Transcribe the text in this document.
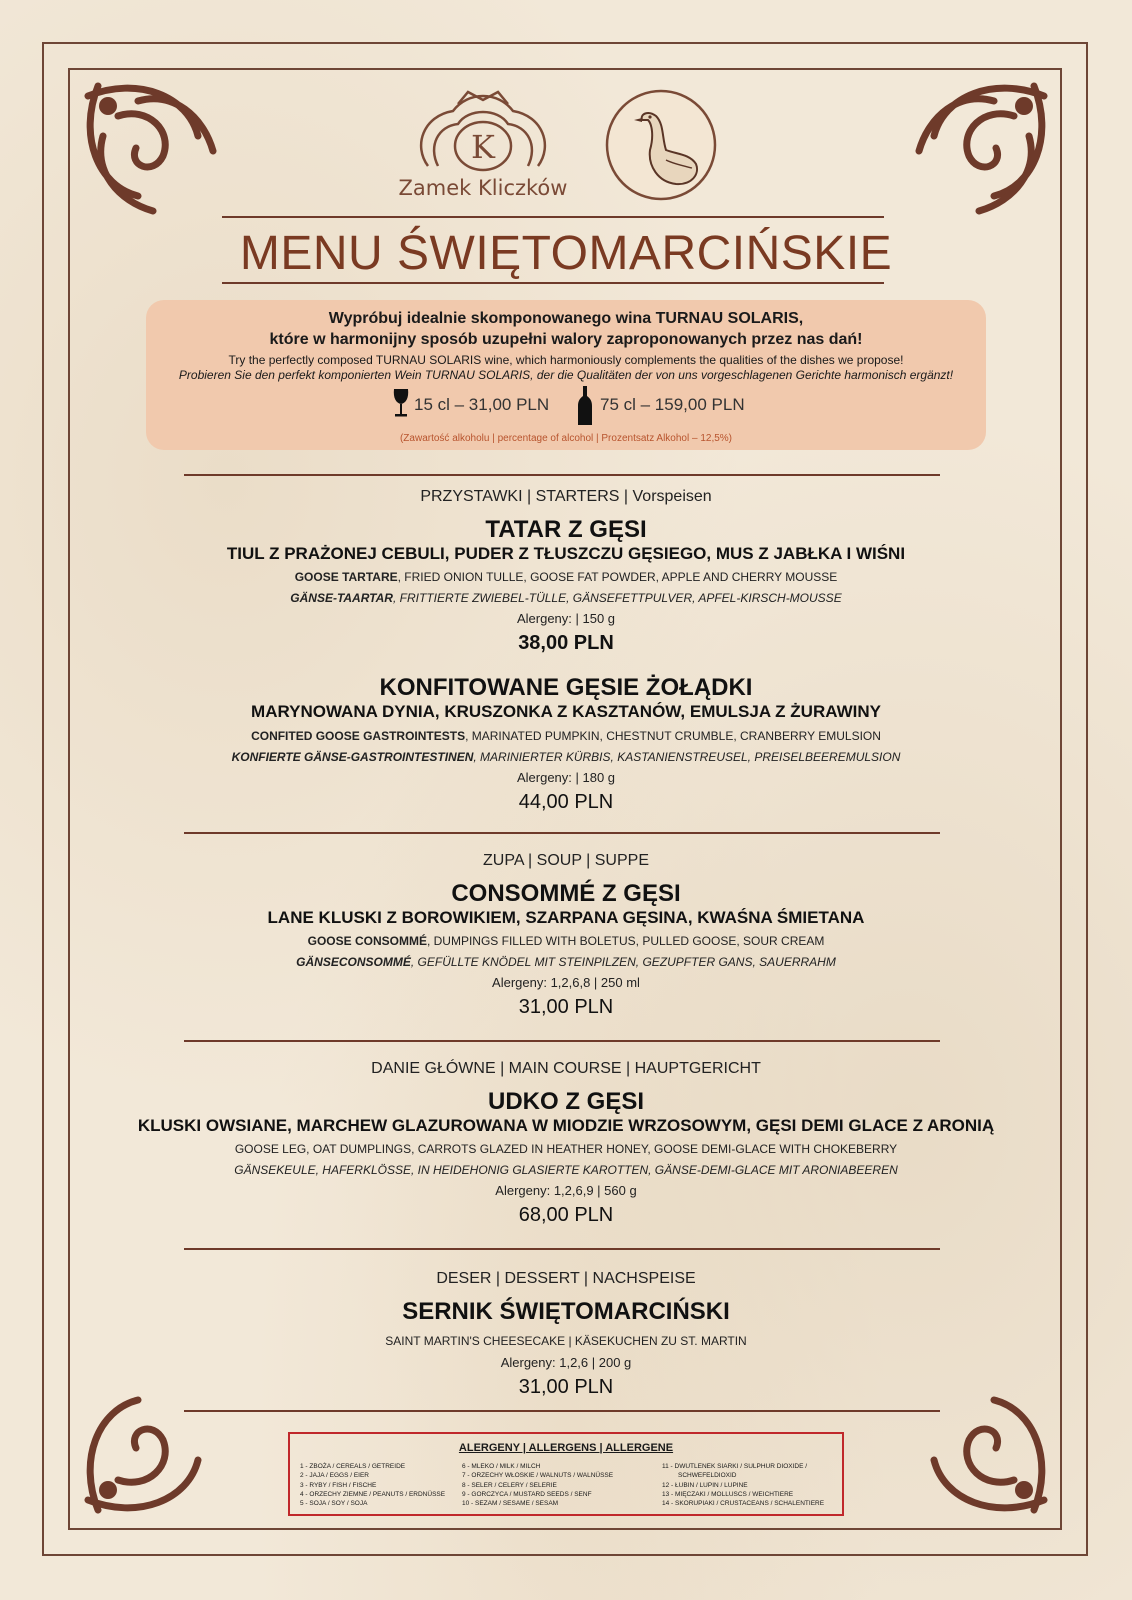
K
Zamek Kliczków
MENU ŚWIĘTOMARCIŃSKIE
Wypróbuj idealnie skomponowanego wina TURNAU SOLARIS,
które w harmonijny sposób uzupełni walory zaproponowanych przez nas dań!
Try the perfectly composed TURNAU SOLARIS wine, which harmoniously complements the qualities of the dishes we propose!
Probieren Sie den perfekt komponierten Wein TURNAU SOLARIS, der die Qualitäten der von uns vorgeschlagenen Gerichte harmonisch ergänzt!
15 cl – 31,00 PLN	75 cl – 159,00 PLN
(Zawartość alkoholu | percentage of alcohol | Prozentsatz Alkohol – 12,5%)
PRZYSTAWKI | STARTERS | Vorspeisen
TATAR Z GĘSI
TIUL Z PRAŻONEJ CEBULI, PUDER Z TŁUSZCZU GĘSIEGO, MUS Z JABŁKA I WIŚNI
GOOSE TARTARE, FRIED ONION TULLE, GOOSE FAT POWDER, APPLE AND CHERRY MOUSSE
GÄNSE-TAARTAR, FRITTIERTE ZWIEBEL-TÜLLE, GÄNSEFETTPULVER, APFEL-KIRSCH-MOUSSE
Alergeny: | 150 g
38,00 PLN
KONFITOWANE GĘSIE ŻOŁĄDKI
MARYNOWANA DYNIA, KRUSZONKA Z KASZTANÓW, EMULSJA Z ŻURAWINY
CONFITED GOOSE GASTROINTESTS, MARINATED PUMPKIN, CHESTNUT CRUMBLE, CRANBERRY EMULSION
KONFIERTE GÄNSE-GASTROINTESTINEN, MARINIERTER KÜRBIS, KASTANIENSTREUSEL, PREISELBEEREMULSION
Alergeny: | 180 g
44,00 PLN
ZUPA | SOUP | SUPPE
CONSOMMÉ Z GĘSI
LANE KLUSKI Z BOROWIKIEM, SZARPANA GĘSINA, KWAŚNA ŚMIETANA
GOOSE CONSOMMÉ, DUMPINGS FILLED WITH BOLETUS, PULLED GOOSE, SOUR CREAM
GÄNSECONSOMMÉ, GEFÜLLTE KNÖDEL MIT STEINPILZEN, GEZUPFTER GANS, SAUERRAHM
Alergeny: 1,2,6,8 | 250 ml
31,00 PLN
DANIE GŁÓWNE | MAIN COURSE | HAUPTGERICHT
UDKO Z GĘSI
KLUSKI OWSIANE, MARCHEW GLAZUROWANA W MIODZIE WRZOSOWYM, GĘSI DEMI GLACE Z ARONIĄ
GOOSE LEG, OAT DUMPLINGS, CARROTS GLAZED IN HEATHER HONEY, GOOSE DEMI-GLACE WITH CHOKEBERRY
GÄNSEKEULE, HAFERKLÖSSE, IN HEIDEHONIG GLASIERTE KAROTTEN, GÄNSE-DEMI-GLACE MIT ARONIABEEREN
Alergeny: 1,2,6,9 | 560 g
68,00 PLN
DESER | DESSERT | NACHSPEISE
SERNIK ŚWIĘTOMARCIŃSKI
SAINT MARTIN'S CHEESECAKE | KÄSEKUCHEN ZU ST. MARTIN
Alergeny: 1,2,6 | 200 g
31,00 PLN
ALERGENY | ALLERGENS | ALLERGENE
1 - ZBOŻA / CEREALS / GETREIDE
2 - JAJA / EGGS / EIER
3 - RYBY / FISH / FISCHE
4 - ORZECHY ZIEMNE / PEANUTS / ERDNÜSSE
5 - SOJA / SOY / SOJA
6 - MLEKO / MILK / MILCH
7 - ORZECHY WŁOSKIE / WALNUTS / WALNÜSSE
8 - SELER / CELERY / SELERIE
9 - GORCZYCA / MUSTARD SEEDS / SENF
10 - SEZAM / SESAME / SESAM
11 - DWUTLENEK SIARKI / SULPHUR DIOXIDE /
SCHWEFELDIOXID
12 - ŁUBIN / LUPIN / LUPINE
13 - MIĘCZAKI / MOLLUSCS / WEICHTIERE
14 - SKORUPIAKI / CRUSTACEANS / SCHALENTIERE
